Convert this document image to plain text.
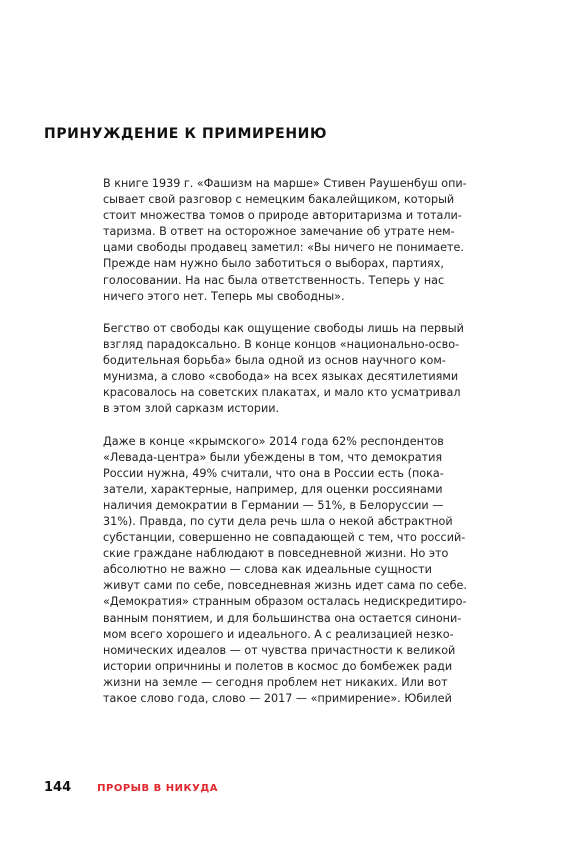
ПРИНУЖДЕНИЕ К ПРИМИРЕНИЮ

В книге 1939 г. «Фашизм на марше» Стивен Раушенбуш опи-
сывает свой разговор с немецким бакалейщиком, который
стоит множества томов о природе авторитаризма и тотали-
таризма. В ответ на осторожное замечание об утрате нем-
цами свободы продавец заметил: «Вы ничего не понимаете.
Прежде нам нужно было заботиться о выборах, партиях,
голосовании. На нас была ответственность. Теперь у нас
ничего этого нет. Теперь мы свободны».

Бегство от свободы как ощущение свободы лишь на первый
взгляд парадоксально. В конце концов «национально-осво-
бодительная борьба» была одной из основ научного ком-
мунизма, а слово «свобода» на всех языках десятилетиями
красовалось на советских плакатах, и мало кто усматривал
в этом злой сарказм истории.

Даже в конце «крымского» 2014 года 62% респондентов
«Левада-центра» были убеждены в том, что демократия
России нужна, 49% считали, что она в России есть (пока-
затели, характерные, например, для оценки россиянами
наличия демократии в Германии — 51%, в Белоруссии —
31%). Правда, по сути дела речь шла о некой абстрактной
субстанции, совершенно не совпадающей с тем, что россий-
ские граждане наблюдают в повседневной жизни. Но это
абсолютно не важно — слова как идеальные сущности
живут сами по себе, повседневная жизнь идет сама по себе.
«Демократия» странным образом осталась недискредитиро-
ванным понятием, и для большинства она остается синони-
мом всего хорошего и идеального. А с реализацией незко-
номических идеалов — от чувства причастности к великой
истории опричнины и полетов в космос до бомбежек ради
жизни на земле — сегодня проблем нет никаких. Или вот
такое слово года, слово — 2017 — «примирение». Юбилей

144	ПРОРЫВ В НИКУДА
